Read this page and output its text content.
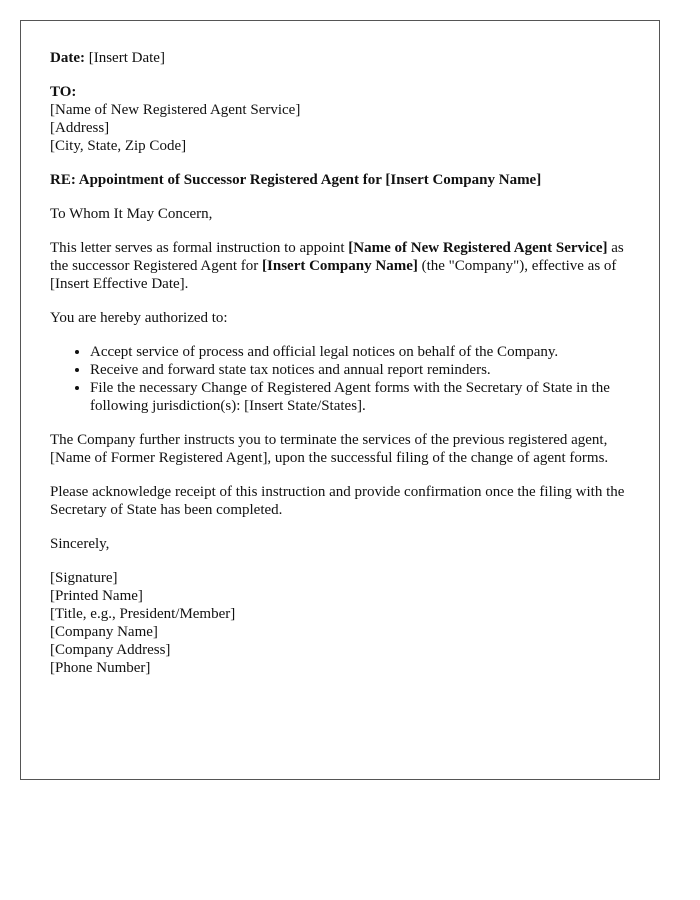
Date: [Insert Date]
TO:
[Name of New Registered Agent Service]
[Address]
[City, State, Zip Code]
RE: Appointment of Successor Registered Agent for [Insert Company Name]
To Whom It May Concern,
This letter serves as formal instruction to appoint [Name of New Registered Agent Service] as the successor Registered Agent for [Insert Company Name] (the "Company"), effective as of [Insert Effective Date].
You are hereby authorized to:
• Accept service of process and official legal notices on behalf of the Company.
• Receive and forward state tax notices and annual report reminders.
• File the necessary Change of Registered Agent forms with the Secretary of State in the following jurisdiction(s): [Insert State/States].
The Company further instructs you to terminate the services of the previous registered agent, [Name of Former Registered Agent], upon the successful filing of the change of agent forms.
Please acknowledge receipt of this instruction and provide confirmation once the filing with the Secretary of State has been completed.
Sincerely,
[Signature]
[Printed Name]
[Title, e.g., President/Member]
[Company Name]
[Company Address]
[Phone Number]
